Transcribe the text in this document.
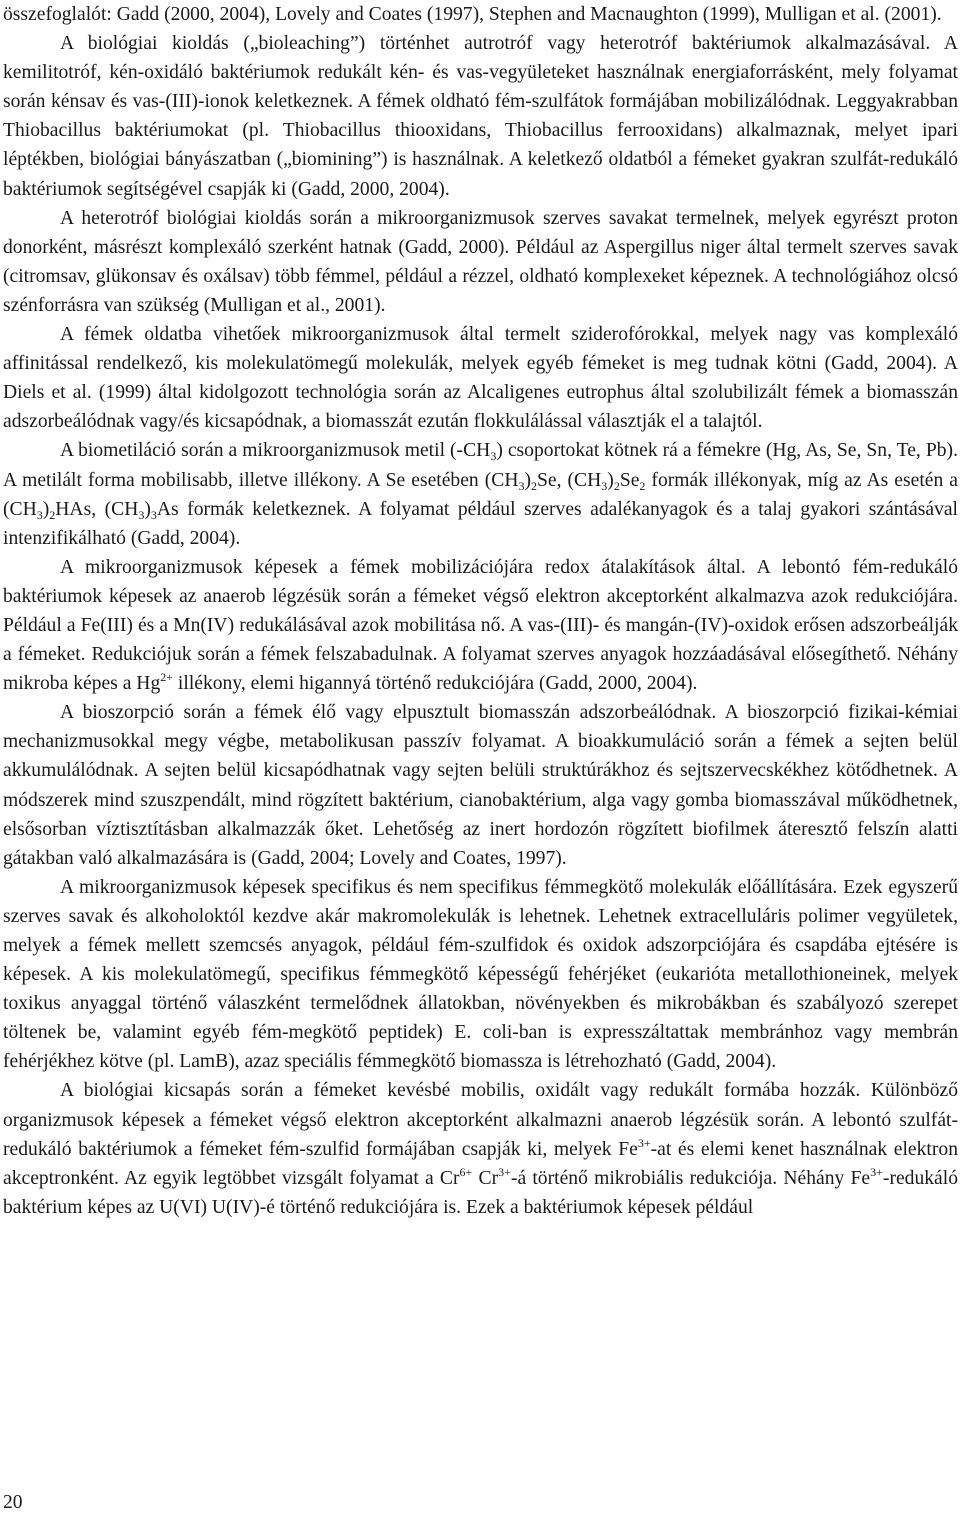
összefoglalót: Gadd (2000, 2004), Lovely and Coates (1997), Stephen and Macnaughton (1999), Mulligan et al. (2001).

A biológiai kioldás („bioleaching”) történhet autrotróf vagy heterotróf baktériumok alkalmazásával. A kemilitotróf, kén-oxidáló baktériumok redukált kén- és vas-vegyületeket használnak energiaforrásként, mely folyamat során kénsav és vas-(III)-ionok keletkeznek. A fémek oldható fém-szulfátok formájában mobilizálódnak. Leggyakrabban Thiobacillus baktériumokat (pl. Thiobacillus thiooxidans, Thiobacillus ferrooxidans) alkalmaznak, melyet ipari léptékben, biológiai bányászatban („biomining”) is használnak. A keletkező oldatból a fémeket gyakran szulfát-redukáló baktériumok segítségével csapják ki (Gadd, 2000, 2004).

A heterotróf biológiai kioldás során a mikroorganizmusok szerves savakat termelnek, melyek egyrészt proton donorként, másrészt komplexáló szerként hatnak (Gadd, 2000). Például az Aspergillus niger által termelt szerves savak (citromsav, glükonsav és oxálsav) több fémmel, például a rézzel, oldható komplexeket képeznek. A technológiához olcsó szénforrásra van szükség (Mulligan et al., 2001).

A fémek oldatba vihetőek mikroorganizmusok által termelt sziderofórokkal, melyek nagy vas komplexáló affinitással rendelkező, kis molekulatömegű molekulák, melyek egyéb fémeket is meg tudnak kötni (Gadd, 2004). A Diels et al. (1999) által kidolgozott technológia során az Alcaligenes eutrophus által szolubilizált fémek a biomasszán adszorbeálódnak vagy/és kicsapódnak, a biomasszát ezután flokkulálással választják el a talajtól.

A biometiláció során a mikroorganizmusok metil $(-CH_3)$ csoportokat kötnek rá a fémekre (Hg, As, Se, Sn, Te, Pb). A metilált forma mobilisabb, illetve illékony. A Se esetében $(CH_3)_2Se$, $(CH_3)_2Se_2$ formák illékonyak, míg az As esetén a $(CH_3)_2HAs$, $(CH_3)_3As$ formák keletkeznek. A folyamat például szerves adalékanyagok és a talaj gyakori szántásával intenzifikálható (Gadd, 2004).

A mikroorganizmusok képesek a fémek mobilizációjára redox átalakítások által. A lebontó fém-redukáló baktériumok képesek az anaerob légzésük során a fémeket végső elektron akceptorként alkalmazva azok redukciójára. Például a Fe(III) és a Mn(IV) redukálásával azok mobilitása nő. A vas-(III)- és mangán-(IV)-oxidok erősen adszorbeálják a fémeket. Redukciójuk során a fémek felszabadulnak. A folyamat szerves anyagok hozzáadásával elősegíthető. Néhány mikroba képes a $Hg^{2+}$ illékony, elemi higannyá történő redukciójára (Gadd, 2000, 2004).

A bioszorpció során a fémek élő vagy elpusztult biomasszán adszorbeálódnak. A bioszorpció fizikai-kémiai mechanizmusokkal megy végbe, metabolikusan passzív folyamat. A bioakkumuláció során a fémek a sejten belül akkumulálódnak. A sejten belül kicsapódhatnak vagy sejten belüli struktúrákhoz és sejtszervecskékhez kötődhetnek. A módszerek mind szuszpendált, mind rögzített baktérium, cianobaktérium, alga vagy gomba biomasszával működhetnek, elsősorban víztisztításban alkalmazzák őket. Lehetőség az inert hordozón rögzített biofilmek áteresztő felszín alatti gátakban való alkalmazására is (Gadd, 2004; Lovely and Coates, 1997).

A mikroorganizmusok képesek specifikus és nem specifikus fémmegkötő molekulák előállítására. Ezek egyszerű szerves savak és alkoholoktól kezdve akár makromolekulák is lehetnek. Lehetnek extracelluláris polimer vegyületek, melyek a fémek mellett szemcsés anyagok, például fém-szulfidok és oxidok adszorpciójára és csapdába ejtésére is képesek. A kis molekulatömegű, specifikus fémmegkötő képességű fehérjéket (eukarióta metallothioneinek, melyek toxikus anyaggal történő válaszként termelődnek állatokban, növényekben és mikrobákban és szabályozó szerepet töltenek be, valamint egyéb fém-megkötő peptidek) E. coli-ban is expresszáltattak membránhoz vagy membrán fehérjékhez kötve (pl. LamB), azaz speciális fémmegkötő biomassza is létrehozható (Gadd, 2004).

A biológiai kicsapás során a fémeket kevésbé mobilis, oxidált vagy redukált formába hozzák. Különböző organizmusok képesek a fémeket végső elektron akceptorként alkalmazni anaerob légzésük során. A lebontó szulfát-redukáló baktériumok a fémeket fém-szulfid formájában csapják ki, melyek $Fe^{3+}-at$ és elemi kenet használnak elektron akceptronként. Az egyik legtöbbet vizsgált folyamat a $Cr^{6+}$ $Cr^{3+}-á$ történő mikrobiális redukciója. Néhány $Fe^{3+}$-redukáló baktérium képes az U(VI) U(IV)-é történő redukciójára is. Ezek a baktériumok képesek például

20
